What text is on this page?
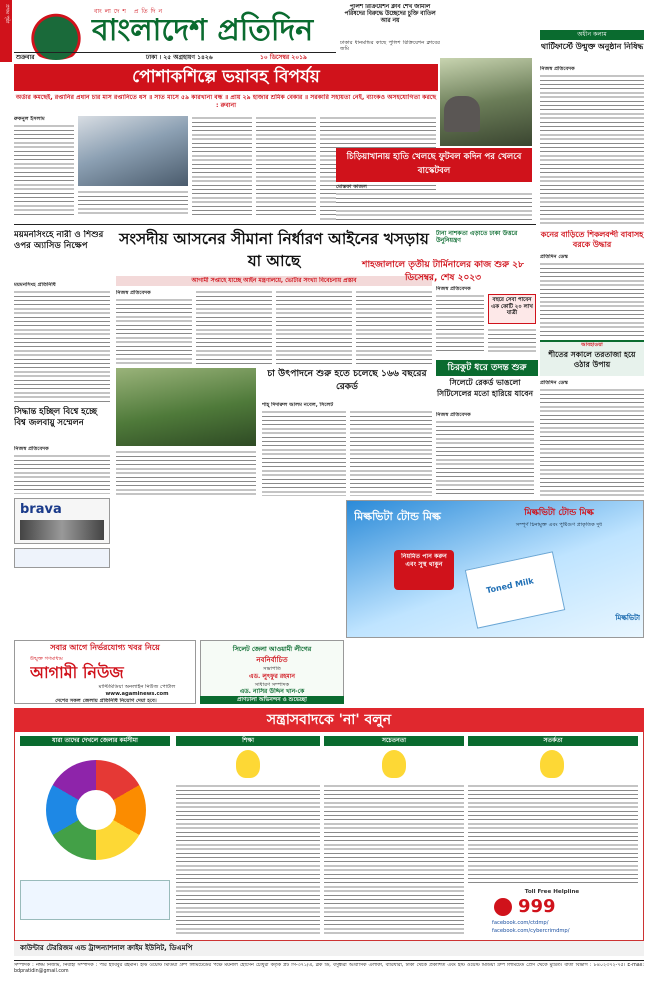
প্রথম পৃষ্ঠা	বাংলাদেশ প্রতিদিন
বাংলাদেশ প্রতিদিন
শুক্রবার	ঢাকা । ২৫ অগ্রহায়ণ ১৪২৬	১০ ডিসেম্বর ২০১৯
পুলিশ রিক্রিয়েশন ক্লাব শেখ জামাল পরিষদের বিরুদ্ধে উচ্ছেদের চুক্তি বাতিল আর নয়
ঢাকার ধানমন্ডির কাছে পুলিশ রিক্রিয়েশন ক্লাবের জমি
পোশাকশিল্পে ভয়াবহ বিপর্যয়
অর্ডার কমছেই, রপ্তানির প্রধান চার মাস রপ্তানিতে ধস ॥ সাত মাসে ৫৯ কারখানা বন্ধ ॥ প্রায় ২৯ হাজার শ্রমিক বেকার ॥ সরকারি সহায়তা নেই, ব্যাংকও অসহযোগিতা করছে : রুবানা
রুকনুল ইসলাম
চিড়িয়াখানায় হাতি খেলছে ফুটবল কদিন পর খেলবে বাস্কেটবল
মোস্তফা কাজল
অধীন কলাম
থার্টিফার্স্টে উন্মুক্ত অনুষ্ঠান নিষিদ্ধ
নিজস্ব প্রতিবেদক
কনের বাড়িতে শিকলবন্দী বাবাসহ বরকে উদ্ধার
প্রতিদিন ডেস্ক
আবহাওয়া
শীতের সকালে তরতাজা হয়ে ওঠার উপায়
প্রতিদিন ডেস্ক
ময়মনসিংহে নারী ও শিশুর ওপর অ্যাসিড নিক্ষেপ
ময়মনসিংহ প্রতিনিধি
সিদ্ধান্ত হচ্ছিল বিশ্বে হচ্ছে বিশ্ব জলবায়ু সম্মেলন
নিজস্ব প্রতিবেদক
সংসদীয় আসনের সীমানা নির্ধারণ আইনের খসড়ায় যা আছে
আগামী সপ্তাহে যাচ্ছে আইন মন্ত্রণালয়ে, ভোটার সংখ্যা বিবেচনায় প্রস্তাব
নিজস্ব প্রতিবেদক
চা উৎপাদনে শুরু হতে চলেছে ১৬৬ বছরের রেকর্ড
শাহ্ দিদারুল আলম নবেল, সিলেট
টানা নাশকতা এড়াতে ঢাকা উত্তরে উনুনিয়ন্ত্রণ
শাহজালালে তৃতীয় টার্মিনালের কাজ শুরু ২৮ ডিসেম্বর, শেষ ২০২৩
নিজস্ব প্রতিবেদক
বছরে সেবা পাবেন এক কোটি ২০ লাখ যাত্রী
সিলেটে রেকর্ড ভাঙলো সিটিসেলের মতো হারিয়ে যাবেন
নিজস্ব প্রতিবেদক
চিরকুট ধরে তদন্ত শুরু
brava	মিল্কভিটা টোন্ড মিল্ক	মিল্কভিটা টোন্ড মিল্ক
সম্পূর্ণ চিনামুক্ত এবং পুষ্টিগুণ প্রাকৃতিক দুধ
Toned Milk
নিয়মিত পান করুন এবং সুস্থ থাকুন
মিল্কভিটা
সবার আগে নির্ভরযোগ্য খবর নিয়ে
উন্মুক্ত গণমাধ্যম
আগামী নিউজ
মাল্টিমিডিয়া অনলাইন নিউজ পোর্টাল
www.agaminews.com
দেশের সকল জেলায় প্রতিনিধি নিয়োগ দেয়া হবে।
সিলেট জেলা আওয়ামী লীগের
নবনির্বাচিত
সভাপতি
এড. লুৎফুর রহমান
সাধারণ সম্পাদক
এড. নাসির উদ্দিন খান-কে
প্রাণঢালা অভিনন্দন ও শুভেচ্ছা
সন্ত্রাসবাদকে 'না' বলুন
যারা তাদের দেখলে জেলার কর্মসীমা	শিক্ষা	সচেতনতা	সতর্কতা
Toll Free Helpline
999
facebook.com/ctdmp/
facebook.com/cybercrimdmp/
কাউন্টার টেররিজম এন্ড ট্রান্সন্যাশনাল ক্রাইম ইউনিট, ডিএমপি
সম্পাদক : নঈম নিজাম, নির্বাহী সম্পাদক : পীর হাবিবুর রহমান। ইস্ট ওয়েস্ট মিডিয়া গ্রুপ লিমিটেডের পক্ষে ময়নাল হোসেন চৌধুরী কর্তৃক প্লট সি-৩৭১/এ, ব্লক ডি, বসুন্ধরা আবাসিক এলাকা, বারিধারা, ঢাকা থেকে প্রকাশিত এবং ইস্ট ওয়েস্ট মিডিয়া গ্রুপ লিমিটেড প্রেস থেকে মুদ্রিত। বার্তা বিভাগ : ৮৪০২৩৭২-৭৫। E-mail: bdpratidin@gmail.com
